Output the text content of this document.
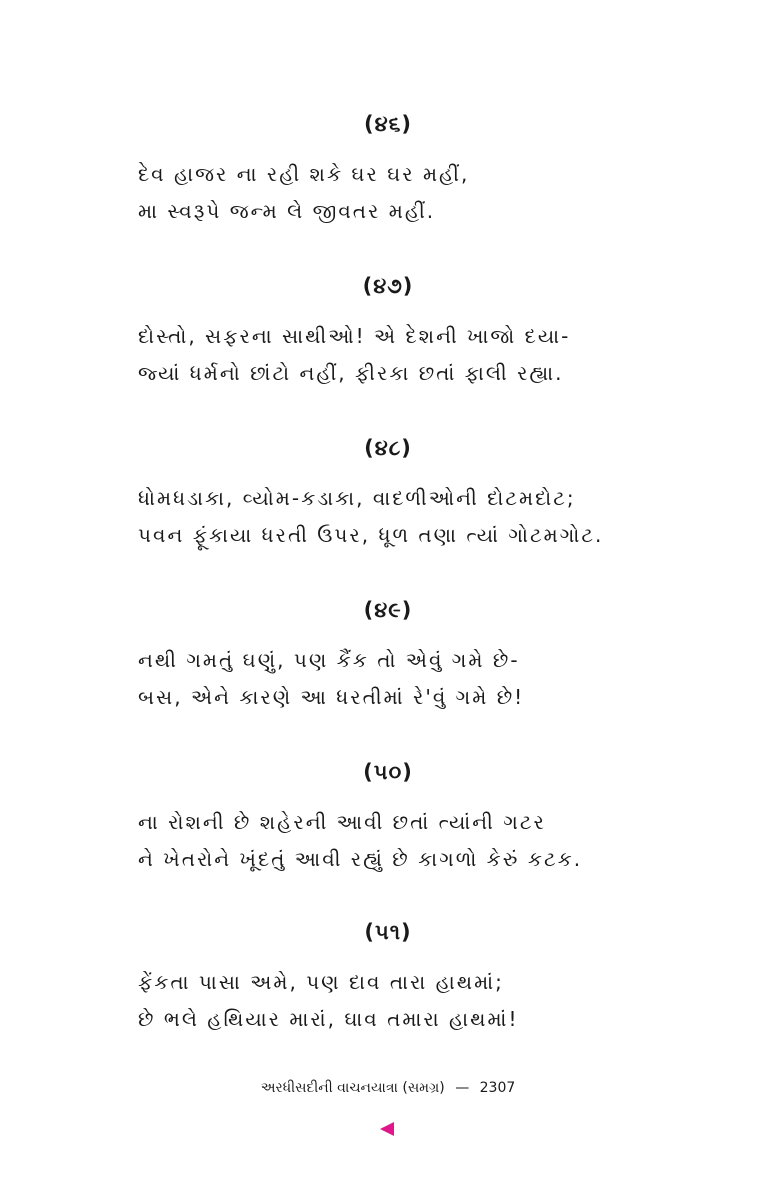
(૪૬)
દેવ હાજર ના રહી શકે ઘર ઘર મહીં,
મા સ્વરૂપે જન્મ લે જીવતર મહીં.
(૪૭)
દોસ્તો, સફરના સાથીઓ! એ દેશની ખાજો દયા-
જ્યાં ધર્મનો છાંટો નહીં, ફીરકા છતાં ફાલી રહ્યા.
(૪૮)
ધોમધડાકા, વ્યોમ-કડાકા, વાદળીઓની દોટમદોટ;
પવન ફૂંકાયા ધરતી ઉપર, ધૂળ તણા ત્યાં ગોટમગોટ.
(૪૯)
નથી ગમતું ઘણું, પણ કૈંક તો એવું ગમે છે-
બસ, એને કારણે આ ધરતીમાં રે'વું ગમે છે!
(૫૦)
ના રોશની છે શહેરની આવી છતાં ત્યાંની ગટર
ને ખેતરોને ખૂંદતું આવી રહ્યું છે કાગળો કેરું કટક.
(૫૧)
ફેંકતા પાસા અમે, પણ દાવ તારા હાથમાં;
છે ભલે હથિયાર મારાં, ઘાવ તમારા હાથમાં!
અરધીસદીની વાચનયાત્રા (સમગ્ર) — 2307
